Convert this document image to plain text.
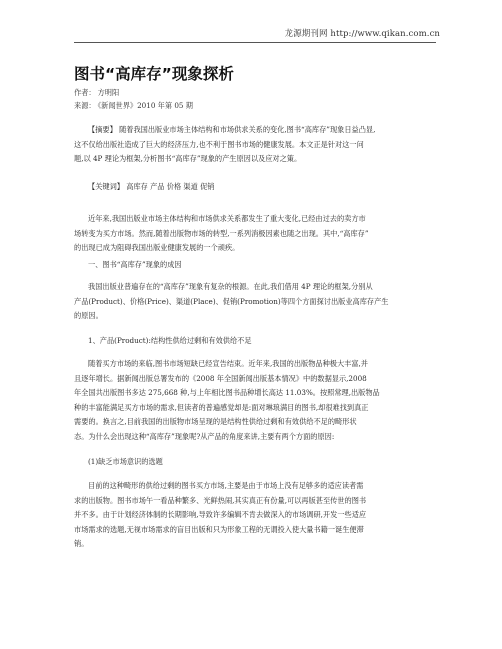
龙源期刊网 http://www.qikan.com.cn
图书“高库存”现象探析
作者： 方明阳
来源： 《新闻世界》2010 年第 05 期
【摘要】 随着我国出版业市场主体结构和市场供求关系的变化,图书“高库存”现象日益凸显,
这不仅给出版社造成了巨大的经济压力,也不利于图书市场的健康发展。本文正是针对这一问
题,以 4P 理论为框架,分析图书“高库存”现象的产生原因以及应对之策。
【关键词】 高库存 产品 价格 渠道 促销
近年来,我国出版业市场主体结构和市场供求关系都发生了重大变化,已经由过去的卖方市
场转变为买方市场。然而,随着出版物市场的转型,一系列消极因素也随之出现。其中,“高库存”
的出现已成为阻碍我国出版业健康发展的一个顽疾。
一、图书“高库存”现象的成因
我国出版业普遍存在的“高库存”现象有复杂的根源。在此,我们借用 4P 理论的框架,分别从
产品(Product)、价格(Price)、渠道(Place)、促销(Promotion)等四个方面探讨出版业高库存产生
的原因。
1、产品(Product):结构性供给过剩和有效供给不足
随着买方市场的来临,图书市场短缺已经宣告结束。近年来,我国的出版物品种极大丰富,并
且逐年增长。据新闻出版总署发布的《2008 年全国新闻出版基本情况》中的数据显示,2008
年全国共出版图书多达 275,668 种,与上年相比图书品种增长高达 11.03%。按照常理,出版物品
种的丰富能满足买方市场的需求,但读者的普遍感觉却是:面对琳琅满目的图书,却很难找到真正
需要的。换言之,目前我国的出版物市场呈现的是结构性供给过剩和有效供给不足的畸形状
态。为什么会出现这种“高库存”现象呢?从产品的角度来讲,主要有两个方面的原因:
(1)缺乏市场意识的选题
目前的这种畸形的供给过剩的图书买方市场,主要是由于市场上没有足够多的适应读者需
求的出版物。图书市场午一看品种繁多、光鲜热闹,其实真正有份量,可以再版甚至传世的图书
并不多。由于计划经济体制的长期影响,导致许多编辑不肯去做深入的市场调研,开发一些适应
市场需求的选题,无视市场需求的盲目出版和只为形象工程的无谓投入使大量书籍一诞生便滞
销。
